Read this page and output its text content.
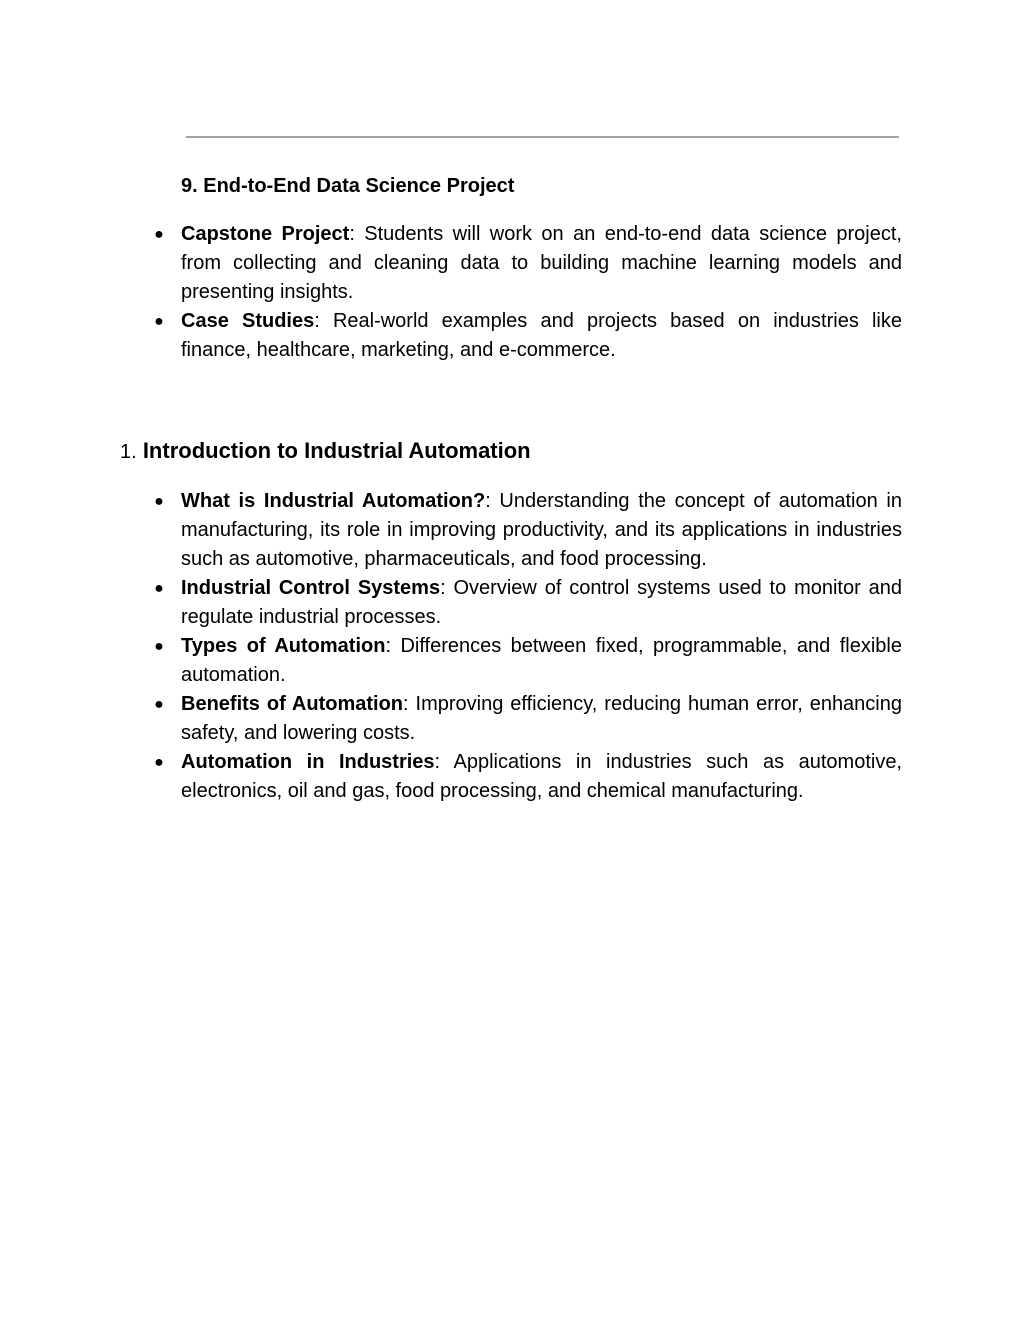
9. End-to-End Data Science Project
● Capstone Project: Students will work on an end-to-end data science project, from collecting and cleaning data to building machine learning models and presenting insights.
● Case Studies: Real-world examples and projects based on industries like finance, healthcare, marketing, and e-commerce.
1. Introduction to Industrial Automation
● What is Industrial Automation?: Understanding the concept of automation in manufacturing, its role in improving productivity, and its applications in industries such as automotive, pharmaceuticals, and food processing.
● Industrial Control Systems: Overview of control systems used to monitor and regulate industrial processes.
● Types of Automation: Differences between fixed, programmable, and flexible automation.
● Benefits of Automation: Improving efficiency, reducing human error, enhancing safety, and lowering costs.
● Automation in Industries: Applications in industries such as automotive, electronics, oil and gas, food processing, and chemical manufacturing.
